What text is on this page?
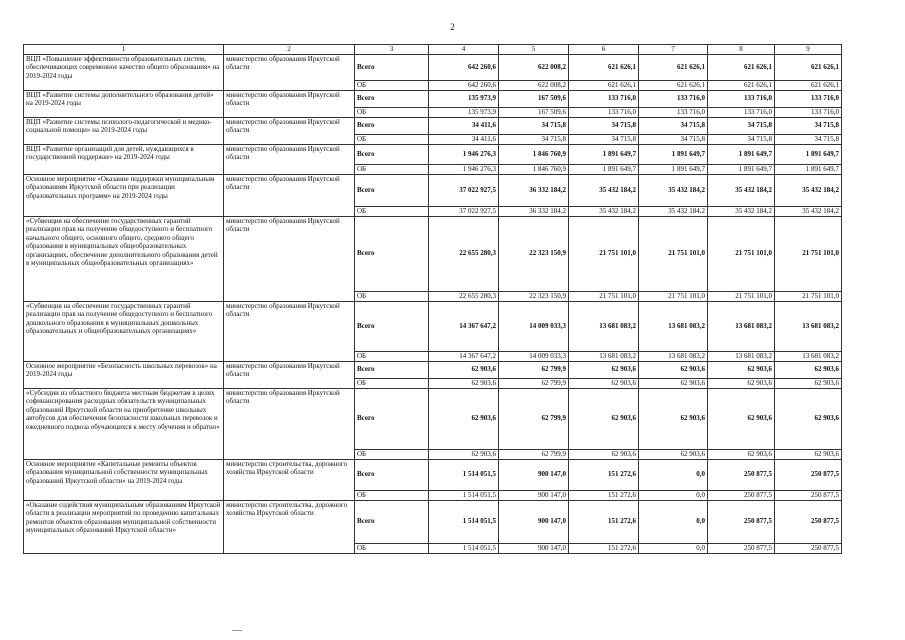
2
1	2	3	4	5	6	7	8	9
ВЦП «Повышение эффективности образовательных систем, обеспечивающих современное качество общего образования» на 2019-2024 годы	министерство образования Иркутской области	Всего	642 260,6	622 008,2	621 626,1	621 626,1	621 626,1	621 626,1
		ОБ	642 260,6	622 008,2	621 626,1	621 626,1	621 626,1	621 626,1
ВЦП «Развитие системы дополнительного образования детей» на 2019-2024 годы	министерство образования Иркутской области	Всего	135 973,9	167 509,6	133 716,0	133 716,0	133 716,0	133 716,0
		ОБ	135 973,9	167 509,6	133 716,0	133 716,0	133 716,0	133 716,0
ВЦП «Развитие системы психолого-педагогической и медико-социальной помощи» на 2019-2024 годы	министерство образования Иркутской области	Всего	34 411,6	34 715,8	34 715,8	34 715,8	34 715,8	34 715,8
		ОБ	34 411,6	34 715,8	34 715,8	34 715,8	34 715,8	34 715,8
ВЦП «Развитие организаций для детей, нуждающихся в государственной поддержке» на 2019-2024 годы	министерство образования Иркутской области	Всего	1 946 276,3	1 846 760,9	1 891 649,7	1 891 649,7	1 891 649,7	1 891 649,7
		ОБ	1 946 276,3	1 846 760,9	1 891 649,7	1 891 649,7	1 891 649,7	1 891 649,7
Основное мероприятие «Оказание поддержки муниципальным образованиям Иркутской области при реализации образовательных программ» на 2019-2024 годы	министерство образования Иркутской области	Всего	37 022 927,5	36 332 184,2	35 432 184,2	35 432 184,2	35 432 184,2	35 432 184,2
		ОБ	37 022 927,5	36 332 184,2	35 432 184,2	35 432 184,2	35 432 184,2	35 432 184,2
«Субвенция на обеспечение государственных гарантий реализации прав на получение общедоступного и бесплатного начального общего, основного общего, среднего общего образования в муниципальных общеобразовательных организациях, обеспечение дополнительного образования детей в муниципальных общеобразовательных организациях»	министерство образования Иркутской области	Всего	22 655 280,3	22 323 150,9	21 751 101,0	21 751 101,0	21 751 101,0	21 751 101,0
		ОБ	22 655 280,3	22 323 150,9	21 751 101,0	21 751 101,0	21 751 101,0	21 751 101,0
«Субвенция на обеспечение государственных гарантий реализации прав на получение общедоступного и бесплатного дошкольного образования в муниципальных дошкольных образовательных и общеобразовательных организациях»	министерство образования Иркутской области	Всего	14 367 647,2	14 009 033,3	13 681 083,2	13 681 083,2	13 681 083,2	13 681 083,2
		ОБ	14 367 647,2	14 009 033,3	13 681 083,2	13 681 083,2	13 681 083,2	13 681 083,2
Основное мероприятие «Безопасность школьных перевозок» на 2019-2024 годы	министерство образования Иркутской области	Всего	62 903,6	62 799,9	62 903,6	62 903,6	62 903,6	62 903,6
		ОБ	62 903,6	62 799,9	62 903,6	62 903,6	62 903,6	62 903,6
«Субсидии из областного бюджета местным бюджетам в целях софинансирования расходных обязательств муниципальных образований Иркутской области на приобретение школьных автобусов для обеспечения безопасности школьных перевозок и ежедневного подвоза обучающихся к месту обучения и обратно»	министерство образования Иркутской области	Всего	62 903,6	62 799,9	62 903,6	62 903,6	62 903,6	62 903,6
		ОБ	62 903,6	62 799,9	62 903,6	62 903,6	62 903,6	62 903,6
Основное мероприятие «Капитальные ремонты объектов образования муниципальной собственности муниципальных образований Иркутской области» на 2019-2024 годы	министерство строительства, дорожного хозяйства Иркутской области	Всего	1 514 051,5	900 147,0	151 272,6	0,0	250 877,5	250 877,5
		ОБ	1 514 051,5	900 147,0	151 272,6	0,0	250 877,5	250 877,5
«Оказание содействия муниципальным образованиям Иркутской области в реализации мероприятий по проведению капитальных ремонтов объектов образования муниципальной собственности муниципальных образований Иркутской области»	министерство строительства, дорожного хозяйства Иркутской области	Всего	1 514 051,5	900 147,0	151 272,6	0,0	250 877,5	250 877,5
		ОБ	1 514 051,5	900 147,0	151 272,6	0,0	250 877,5	250 877,5
